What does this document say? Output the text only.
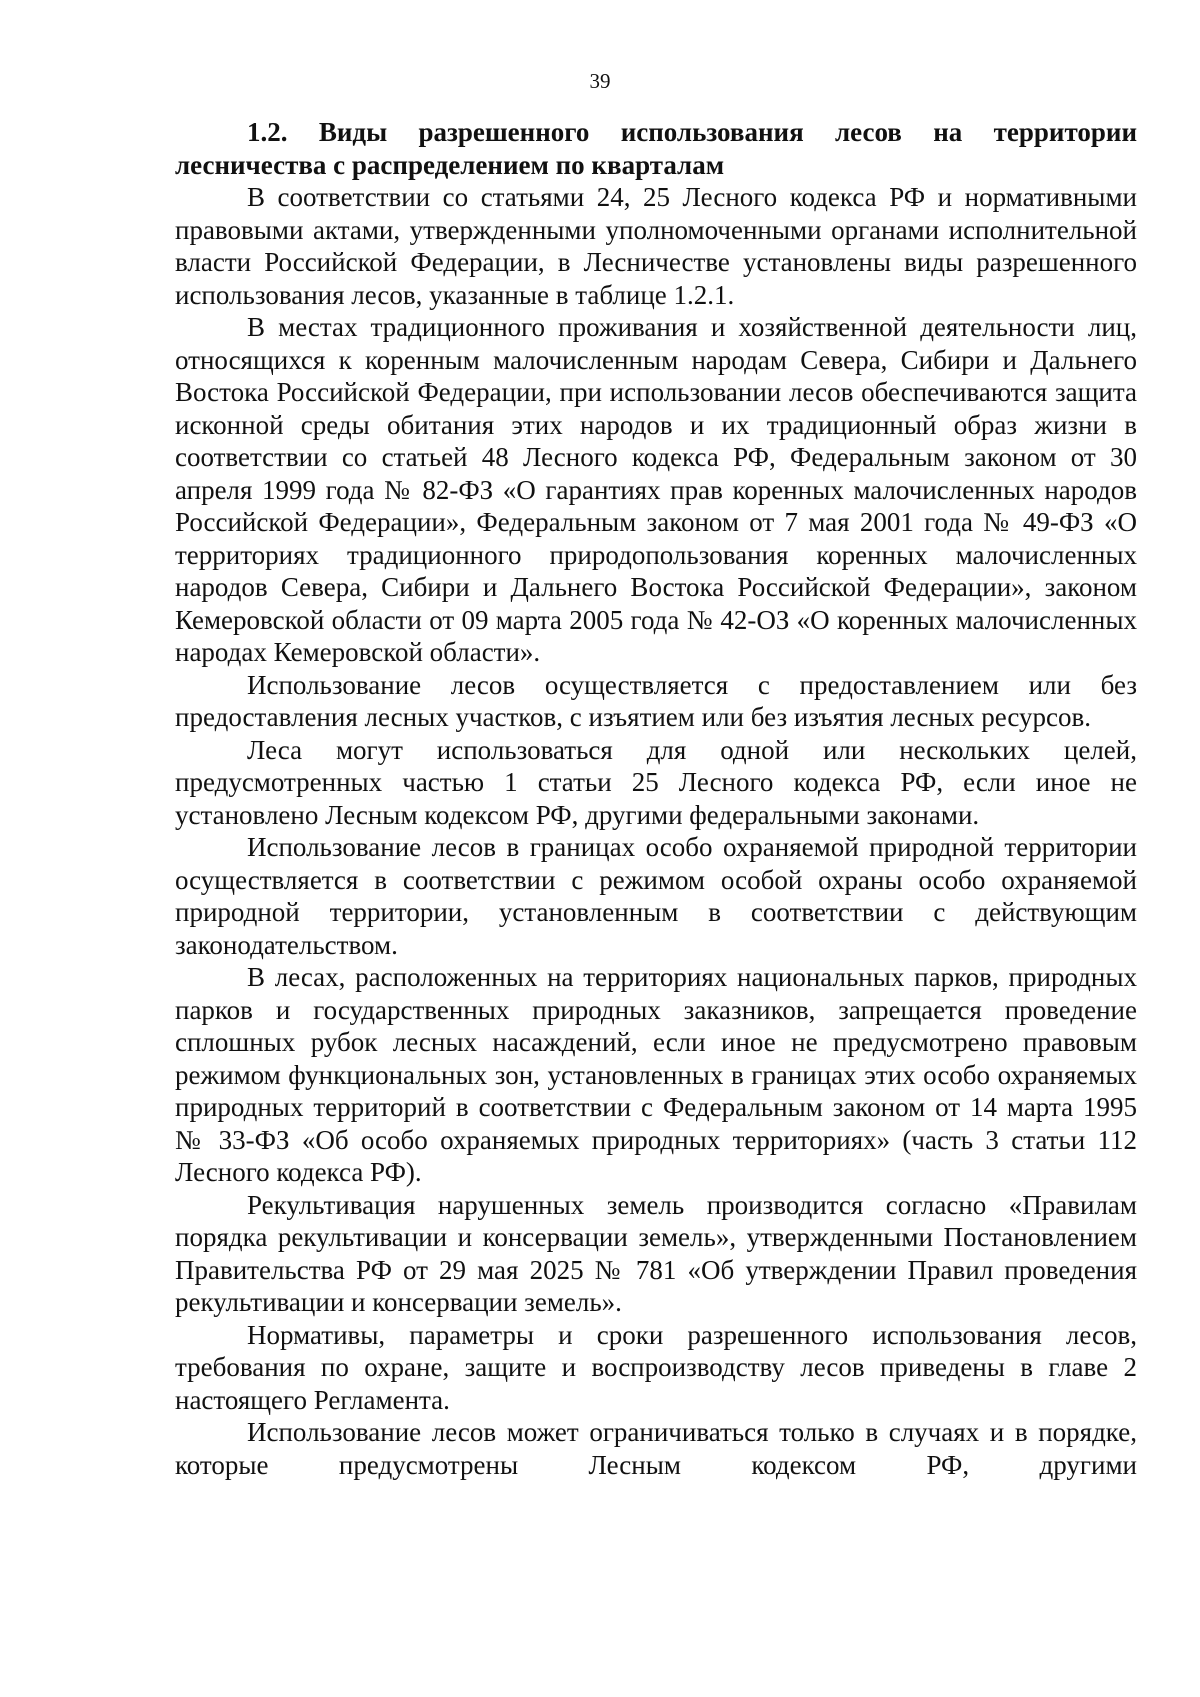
39

1.2. Виды разрешенного использования лесов на территории лесничества с распределением по кварталам

В соответствии со статьями 24, 25 Лесного кодекса РФ и нормативными правовыми актами, утвержденными уполномоченными органами исполнительной власти Российской Федерации, в Лесничестве установлены виды разрешенного использования лесов, указанные в таблице 1.2.1.

В местах традиционного проживания и хозяйственной деятельности лиц, относящихся к коренным малочисленным народам Севера, Сибири и Дальнего Востока Российской Федерации, при использовании лесов обеспечиваются защита исконной среды обитания этих народов и их традиционный образ жизни в соответствии со статьей 48 Лесного кодекса РФ, Федеральным законом от 30 апреля 1999 года № 82-ФЗ «О гарантиях прав коренных малочисленных народов Российской Федерации», Федеральным законом от 7 мая 2001 года № 49-ФЗ «О территориях традиционного природопользования коренных малочисленных народов Севера, Сибири и Дальнего Востока Российской Федерации», законом Кемеровской области от 09 марта 2005 года № 42-ОЗ «О коренных малочисленных народах Кемеровской области».

Использование лесов осуществляется с предоставлением или без предоставления лесных участков, с изъятием или без изъятия лесных ресурсов.

Леса могут использоваться для одной или нескольких целей, предусмотренных частью 1 статьи 25 Лесного кодекса РФ, если иное не установлено Лесным кодексом РФ, другими федеральными законами.

Использование лесов в границах особо охраняемой природной территории осуществляется в соответствии с режимом особой охраны особо охраняемой природной территории, установленным в соответствии с действующим законодательством.

В лесах, расположенных на территориях национальных парков, природных парков и государственных природных заказников, запрещается проведение сплошных рубок лесных насаждений, если иное не предусмотрено правовым режимом функциональных зон, установленных в границах этих особо охраняемых природных территорий в соответствии с Федеральным законом от 14 марта 1995 № 33-ФЗ «Об особо охраняемых природных территориях» (часть 3 статьи 112 Лесного кодекса РФ).

Рекультивация нарушенных земель производится согласно «Правилам порядка рекультивации и консервации земель», утвержденными Постановлением Правительства РФ от 29 мая 2025 № 781 «Об утверждении Правил проведения рекультивации и консервации земель».

Нормативы, параметры и сроки разрешенного использования лесов, требования по охране, защите и воспроизводству лесов приведены в главе 2 настоящего Регламента.

Использование лесов может ограничиваться только в случаях и в порядке, которые предусмотрены Лесным кодексом РФ, другими
